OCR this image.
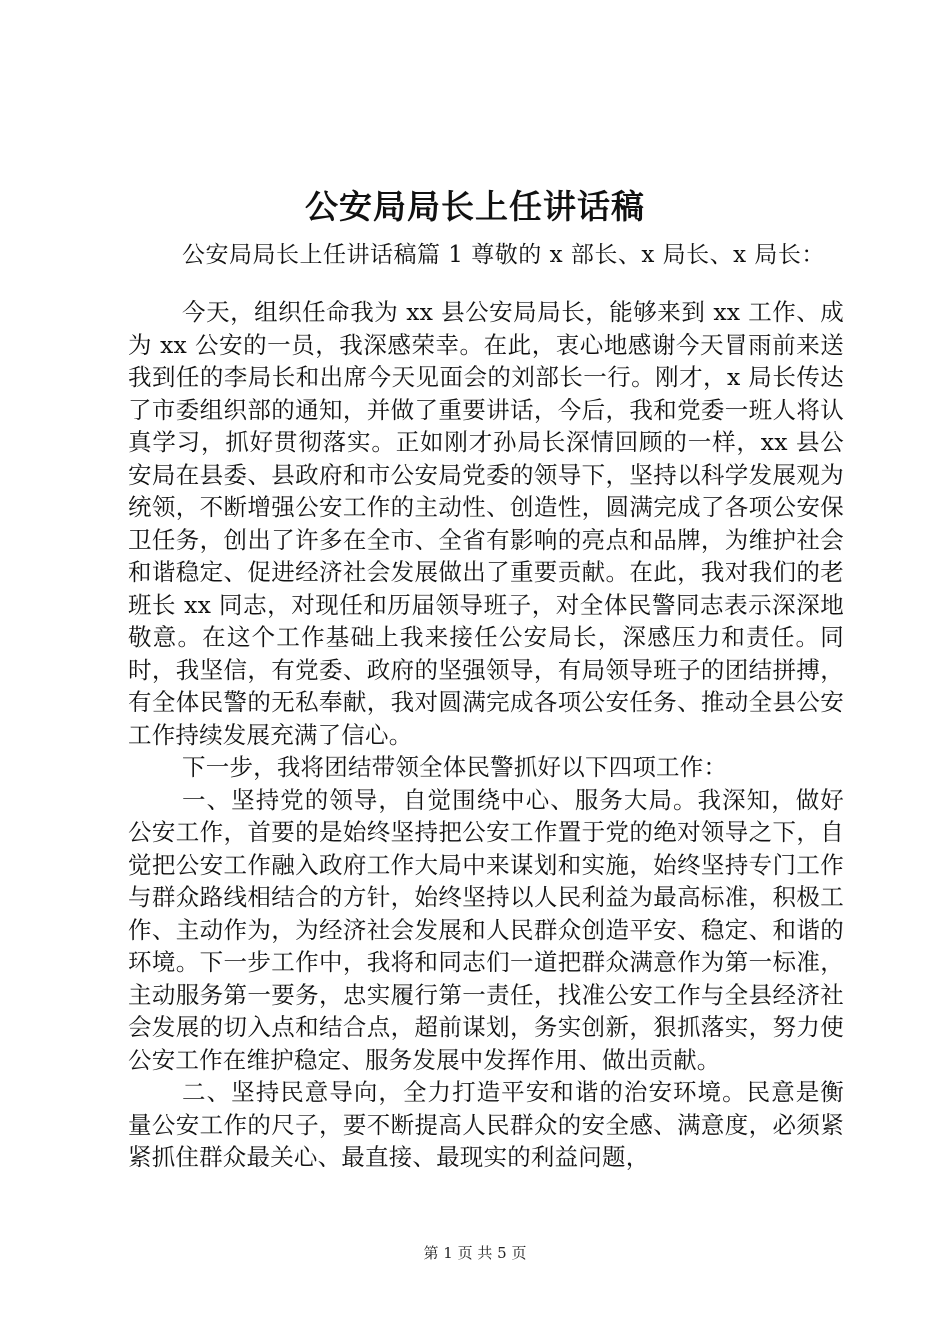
公安局局长上任讲话稿

公安局局长上任讲话稿篇 1 尊敬的 x 部长、x 局长、x 局长：

今天，组织任命我为 xx 县公安局局长，能够来到 xx 工作、成为 xx 公安的一员，我深感荣幸。在此，衷心地感谢今天冒雨前来送我到任的李局长和出席今天见面会的刘部长一行。刚才，x 局长传达了市委组织部的通知，并做了重要讲话，今后，我和党委一班人将认真学习，抓好贯彻落实。正如刚才孙局长深情回顾的一样，xx 县公安局在县委、县政府和市公安局党委的领导下，坚持以科学发展观为统领，不断增强公安工作的主动性、创造性，圆满完成了各项公安保卫任务，创出了许多在全市、全省有影响的亮点和品牌，为维护社会和谐稳定、促进经济社会发展做出了重要贡献。在此，我对我们的老班长 xx 同志，对现任和历届领导班子，对全体民警同志表示深深地敬意。在这个工作基础上我来接任公安局长，深感压力和责任。同时，我坚信，有党委、政府的坚强领导，有局领导班子的团结拼搏，有全体民警的无私奉献，我对圆满完成各项公安任务、推动全县公安工作持续发展充满了信心。

下一步，我将团结带领全体民警抓好以下四项工作：

一、坚持党的领导，自觉围绕中心、服务大局。我深知，做好公安工作，首要的是始终坚持把公安工作置于党的绝对领导之下，自觉把公安工作融入政府工作大局中来谋划和实施，始终坚持专门工作与群众路线相结合的方针，始终坚持以人民利益为最高标准，积极工作、主动作为，为经济社会发展和人民群众创造平安、稳定、和谐的环境。下一步工作中，我将和同志们一道把群众满意作为第一标准，主动服务第一要务，忠实履行第一责任，找准公安工作与全县经济社会发展的切入点和结合点，超前谋划，务实创新，狠抓落实，努力使公安工作在维护稳定、服务发展中发挥作用、做出贡献。

二、坚持民意导向，全力打造平安和谐的治安环境。民意是衡量公安工作的尺子，要不断提高人民群众的安全感、满意度，必须紧紧抓住群众最关心、最直接、最现实的利益问题，

第 1 页 共 5 页
